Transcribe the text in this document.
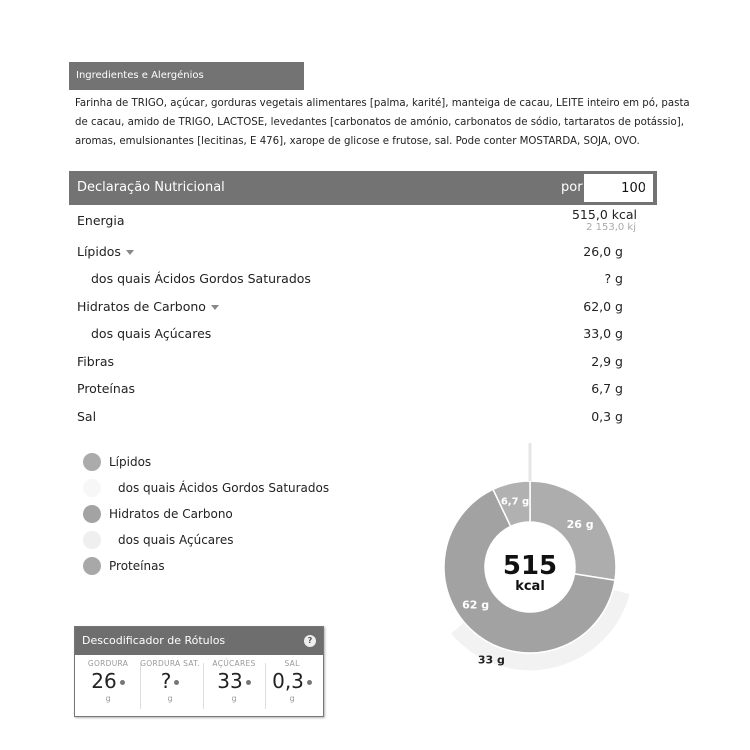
Ingredientes e Alergénios
Farinha de TRIGO, açúcar, gorduras vegetais alimentares [palma, karité], manteiga de cacau, LEITE inteiro em pó, pasta de cacau, amido de TRIGO, LACTOSE, levedantes [carbonatos de amónio, carbonatos de sódio, tartaratos de potássio], aromas, emulsionantes [lecitinas, E 476], xarope de glicose e frutose, sal. Pode conter MOSTARDA, SOJA, OVO.
Declaração Nutricional	por
100	g
Energia	515,0 kcal
2 153,0 kj
Lípidos	26,0 g
dos quais Ácidos Gordos Saturados	? g
Hidratos de Carbono	62,0 g
dos quais Açúcares	33,0 g
Fibras	2,9 g
Proteínas	6,7 g
Sal	0,3 g
Lípidos
dos quais Ácidos Gordos Saturados
Hidratos de Carbono
dos quais Açúcares
Proteínas	515
kcal
26 g
62 g
6,7 g
33 g
Descodificador de Rótulos	?
GORDURA
26
g
GORDURA SAT.
?
g
AÇÚCARES
33
g
SAL
0,3
g
